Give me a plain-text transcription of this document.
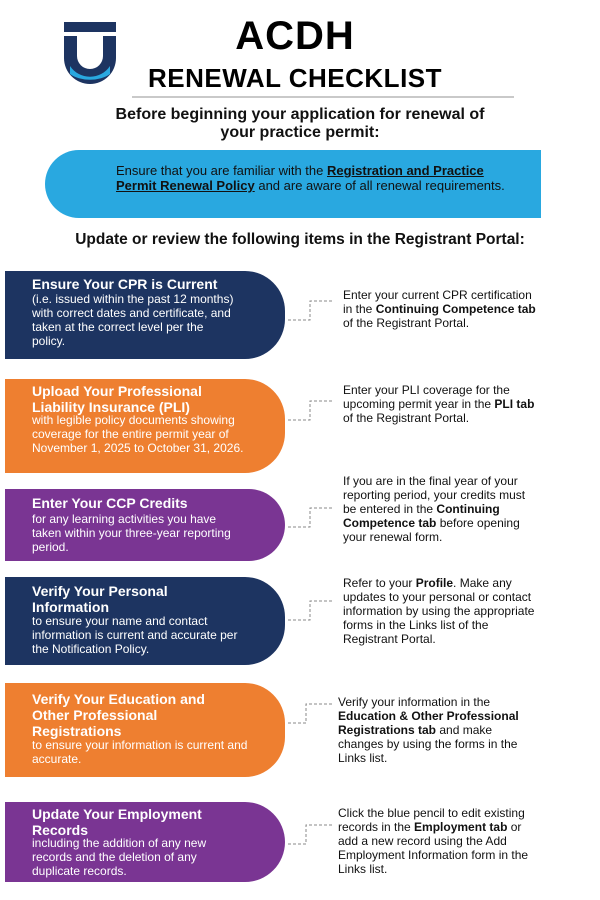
ACDH
RENEWAL CHECKLIST
Before beginning your application for renewal of
your practice permit:
Ensure that you are familiar with the Registration and Practice Permit Renewal Policy and are aware of all renewal requirements.
Update or review the following items in the Registrant Portal:
Ensure Your CPR is Current
(i.e. issued within the past 12 months) with correct dates and certificate, and taken at the correct level per the policy.
Enter your current CPR certification in the Continuing Competence tab of the Registrant Portal.
Upload Your Professional Liability Insurance (PLI)
with legible policy documents showing coverage for the entire permit year of November 1, 2025 to October 31, 2026.
Enter your PLI coverage for the upcoming permit year in the PLI tab of the Registrant Portal.
Enter Your CCP Credits
for any learning activities you have taken within your three-year reporting period.
If you are in the final year of your reporting period, your credits must be entered in the Continuing Competence tab before opening your renewal form.
Verify Your Personal Information
to ensure your name and contact information is current and accurate per the Notification Policy.
Refer to your Profile. Make any updates to your personal or contact information by using the appropriate forms in the Links list of the Registrant Portal.
Verify Your Education and Other Professional Registrations
to ensure your information is current and accurate.
Verify your information in the Education & Other Professional Registrations tab and make changes by using the forms in the Links list.
Update Your Employment Records
including the addition of any new records and the deletion of any duplicate records.
Click the blue pencil to edit existing records in the Employment tab or add a new record using the Add Employment Information form in the Links list.
